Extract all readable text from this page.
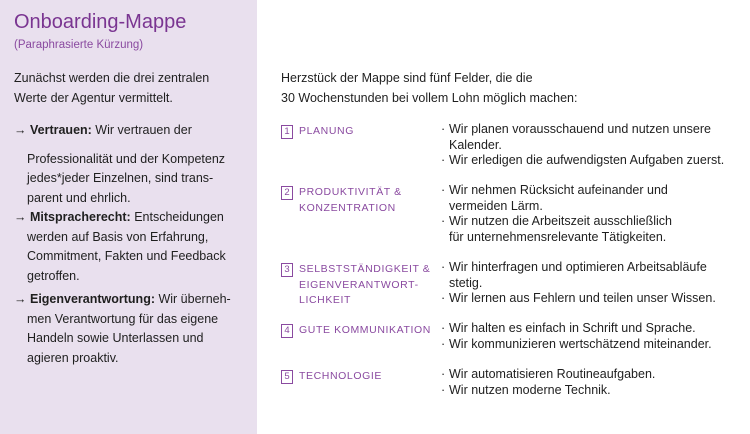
Onboarding-Mappe
(Paraphrasierte Kürzung)
Zunächst werden die drei zentralen
Werte der Agentur vermittelt.
→ Vertrauen: Wir vertrauen der
Professionalität und der Kompetenz
jedes*jeder Einzelnen, sind trans-
parent und ehrlich.
→ Mitspracherecht: Entscheidungen
werden auf Basis von Erfahrung,
Commitment, Fakten und Feedback
getroffen.
→ Eigenverantwortung: Wir überneh-
men Verantwortung für das eigene
Handeln sowie Unterlassen und
agieren proaktiv.
Herzstück der Mappe sind fünf Felder, die die
30 Wochenstunden bei vollem Lohn möglich machen:
1 PLANUNG	· Wir planen vorausschauend und nutzen unsere
Kalender.
· Wir erledigen die aufwendigsten Aufgaben zuerst.
2 PRODUKTIVITÄT &
KONZENTRATION
· Wir nehmen Rücksicht aufeinander und
vermeiden Lärm.
· Wir nutzen die Arbeitszeit ausschließlich
für unternehmensrelevante Tätigkeiten.
3 SELBSTSTÄNDIGKEIT &
EIGENVERANTWORT-
LICHKEIT
· Wir hinterfragen und optimieren Arbeitsabläufe
stetig.
· Wir lernen aus Fehlern und teilen unser Wissen.
4 GUTE KOMMUNIKATION · Wir halten es einfach in Schrift und Sprache.
· Wir kommunizieren wertschätzend miteinander.
5 TECHNOLOGIE	· Wir automatisieren Routineaufgaben.
· Wir nutzen moderne Technik.
